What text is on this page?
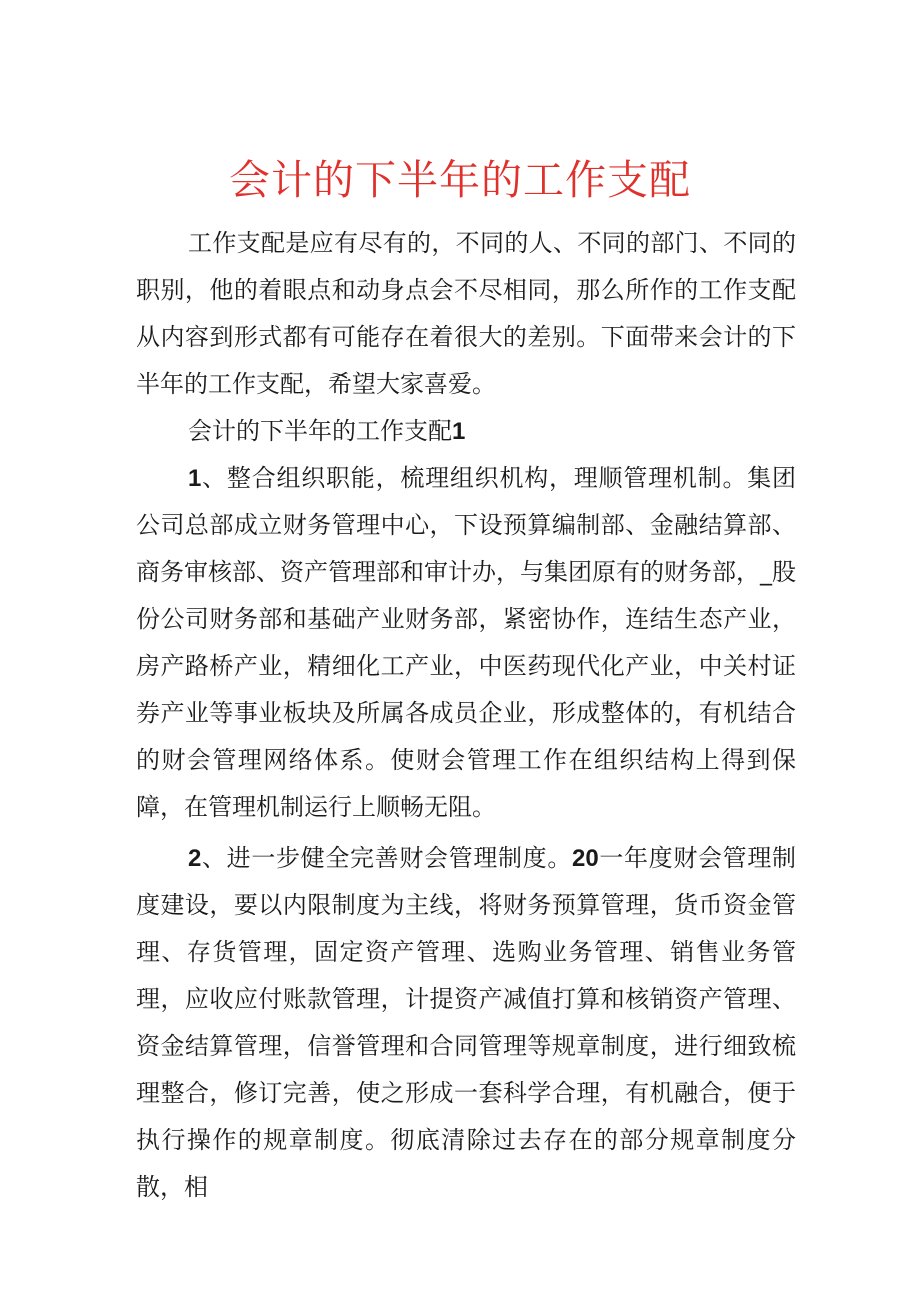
会计的下半年的工作支配

工作支配是应有尽有的，不同的人、不同的部门、不同的职别，他的着眼点和动身点会不尽相同，那么所作的工作支配从内容到形式都有可能存在着很大的差别。下面带来会计的下半年的工作支配，希望大家喜爱。

会计的下半年的工作支配1

1、整合组织职能，梳理组织机构，理顺管理机制。集团公司总部成立财务管理中心，下设预算编制部、金融结算部、商务审核部、资产管理部和审计办，与集团原有的财务部，_股份公司财务部和基础产业财务部，紧密协作，连结生态产业，房产路桥产业，精细化工产业，中医药现代化产业，中关村证券产业等事业板块及所属各成员企业，形成整体的，有机结合的财会管理网络体系。使财会管理工作在组织结构上得到保障，在管理机制运行上顺畅无阻。

2、进一步健全完善财会管理制度。20一年度财会管理制度建设，要以内限制度为主线，将财务预算管理，货币资金管理、存货管理，固定资产管理、选购业务管理、销售业务管理，应收应付账款管理，计提资产减值打算和核销资产管理、资金结算管理，信誉管理和合同管理等规章制度，进行细致梳理整合，修订完善，使之形成一套科学合理，有机融合，便于执行操作的规章制度。彻底清除过去存在的部分规章制度分散，相
